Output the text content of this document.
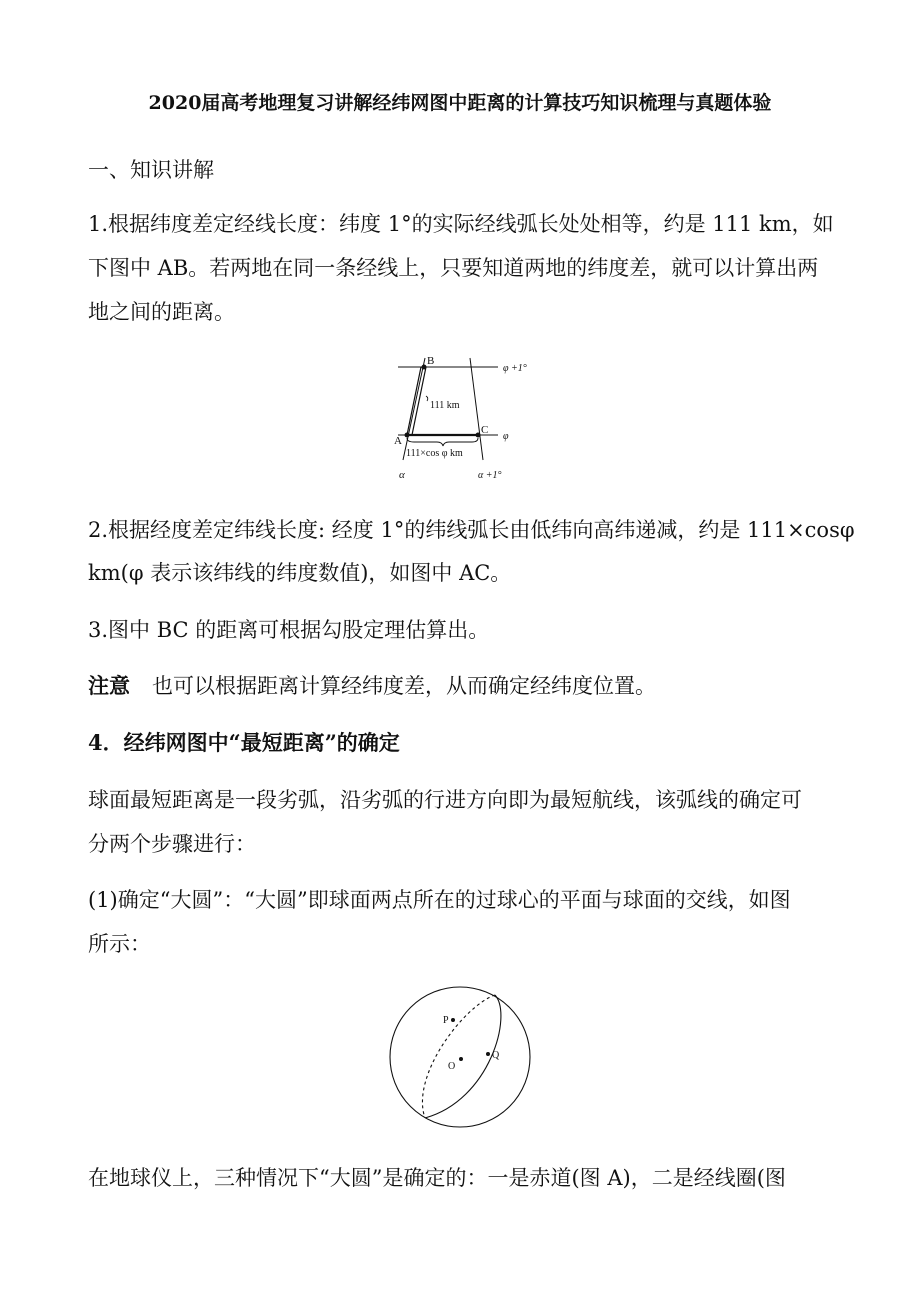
2020届高考地理复习讲解经纬网图中距离的计算技巧知识梳理与真题体验
一、知识讲解
1.根据纬度差定经线长度：纬度 1°的实际经线弧长处处相等，约是 111 km，如
下图中 AB。若两地在同一条经线上，只要知道两地的纬度差，就可以计算出两
地之间的距离。
B
A
C
φ +1°
φ
111 km
111×cos φ km
α	α +1°
2.根据经度差定纬线长度: 经度 1°的纬线弧长由低纬向高纬递减，约是 111×cosφ
km(φ 表示该纬线的纬度数值)，如图中 AC。
3.图中 BC 的距离可根据勾股定理估算出。
注意 也可以根据距离计算经纬度差，从而确定经纬度位置。
4．经纬网图中“最短距离”的确定
球面最短距离是一段劣弧，沿劣弧的行进方向即为最短航线，该弧线的确定可
分两个步骤进行：
(1)确定“大圆”：“大圆”即球面两点所在的过球心的平面与球面的交线，如图
所示：
P
O
Q
在地球仪上，三种情况下“大圆”是确定的：一是赤道(图 A)，二是经线圈(图
